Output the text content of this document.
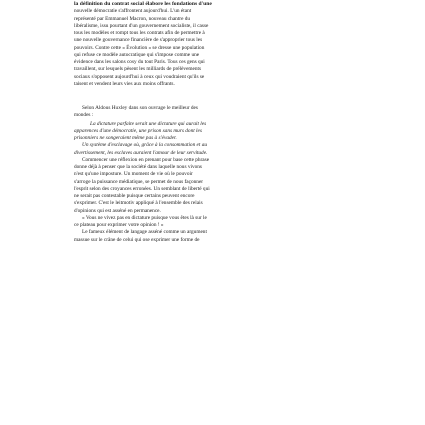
la définition du contrat social élabore les fondations d'une
nouvelle démocratie s'affrontent aujourd'hui. L'un étant
représenté par Emmanuel Macron, nouveau chantre du
libéralisme, issu pourtant d'un gouvernement socialiste, il casse
tous les modèles et rompt tous les contrats afin de permettre à
une nouvelle gouvernance financière de s'approprier tous les
pouvoirs. Contre cette « Évolution » se dresse une population
qui refuse ce modèle autocratique qui s'impose comme une
évidence dans les salons cosy du tout Paris. Tous ces gens qui
travaillent, sur lesquels pèsent les milliards de prélèvements
sociaux s'opposent aujourd'hui à ceux qui voudraient qu'ils se
taisent et vendent leurs vies aux moins offrants.

Selon Aldous Huxley dans son ouvrage le meilleur des
mondes :

La dictature parfaite serait une dictature qui aurait les
apparences d'une démocratie, une prison sans murs dont les
prisonniers ne songeraient même pas à s'évader.
Un système d'esclavage où, grâce à la consommation et au
divertissement, les esclaves auraient l'amour de leur servitude.

Commencer une réflexion en prenant pour base cette phrase
donne déjà à penser que la société dans laquelle nous vivons
n'est qu'une imposture. Un moment de vie où le pouvoir
s'arroge la puissance médiatique, se permet de nous façonner
l'esprit selon des croyances erronées. Un semblant de liberté qui
ne serait pas contestable puisque certains peuvent encore
s'exprimer. C'est le leitmotiv appliqué à l'ensemble des relais
d'opinions qui est asséné en permanence.

« Vous ne vivez pas en dictature puisque vous êtes là sur le
ce plateau pour exprimer votre opinion ! »

Le fameux élément de langage asséné comme un argument
massue sur le crâne de celui qui ose exprimer une forme de
